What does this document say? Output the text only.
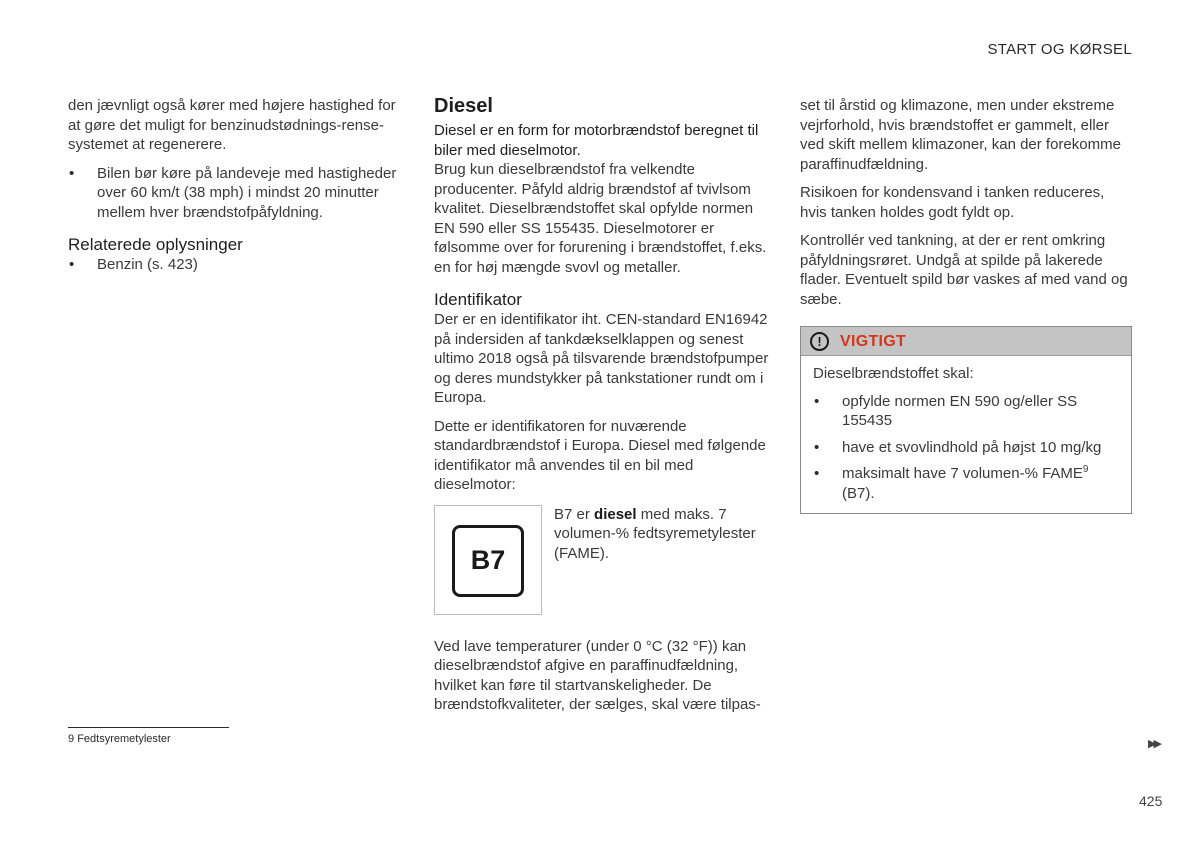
START OG KØRSEL

den jævnligt også kører med højere hastighed for at gøre det muligt for benzinudstødnings-rense-systemet at regenerere.

• Bilen bør køre på landeveje med hastigheder over 60 km/t (38 mph) i mindst 20 minutter mellem hver brændstofpåfyldning.
Relaterede oplysninger
• Benzin (s. 423)
Diesel

Diesel er en form for motorbrændstof beregnet til biler med dieselmotor.

Brug kun dieselbrændstof fra velkendte producenter. Påfyld aldrig brændstof af tvivlsom kvalitet. Dieselbrændstoffet skal opfylde normen EN 590 eller SS 155435. Dieselmotorer er følsomme over for forurening i brændstoffet, f.eks. en for høj mængde svovl og metaller.

Identifikator

Der er en identifikator iht. CEN-standard EN16942 på indersiden af tankdækselklappen og senest ultimo 2018 også på tilsvarende brændstofpumper og deres mundstykker på tankstationer rundt om i Europa.

Dette er identifikatoren for nuværende standardbrændstof i Europa. Diesel med følgende identifikator må anvendes til en bil med dieselmotor:

B7
B7 er diesel med maks. 7 volumen-% fedtsyremetylester (FAME).

Ved lave temperaturer (under 0 °C (32 °F)) kan dieselbrændstof afgive en paraffinudfældning, hvilket kan føre til startvanskeligheder. De brændstofkvaliteter, der sælges, skal være tilpas-

set til årstid og klimazone, men under ekstreme vejrforhold, hvis brændstoffet er gammelt, eller ved skift mellem klimazoner, kan der forekomme paraffinudfældning.

Risikoen for kondensvand i tanken reduceres, hvis tanken holdes godt fyldt op.

Kontrollér ved tankning, at der er rent omkring påfyldningsrøret. Undgå at spilde på lakerede flader. Eventuelt spild bør vaskes af med vand og sæbe.

!	VIGTIGT

Dieselbrændstoffet skal:

• opfylde normen EN 590 og/eller SS 155435
• have et svovlindhold på højst 10 mg/kg
• maksimalt have 7 volumen-% FAME$^9$
(B7).
9 Fedtsyremetylester	▶▶
425
